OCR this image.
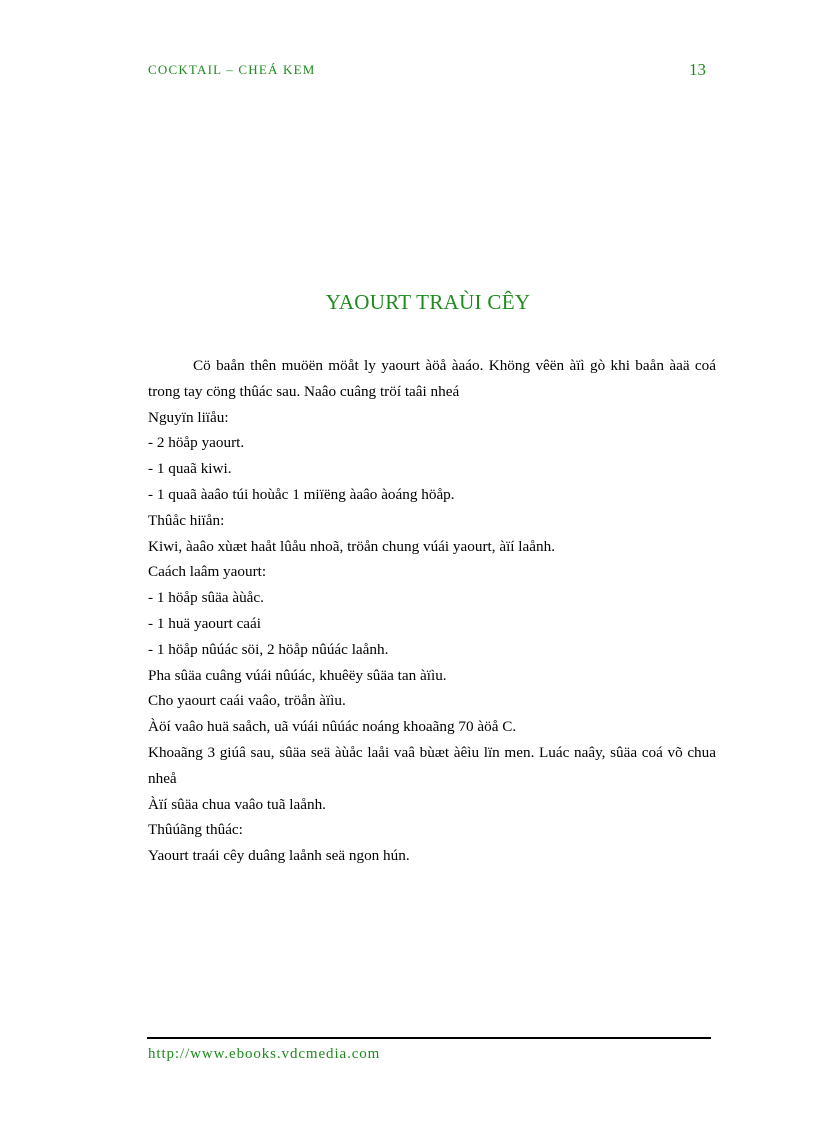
COCKTAIL – CHEÁ KEM	13
YAOURT TRAÙI CÊY

Cö baån thên muöën möåt ly yaourt àöå àaáo. Khöng vêën àïì gò khi baån àaä coá trong tay cöng thûác sau. Naâo cuâng tröí taâi nheá

Nguyïn liïåu:

- 2 höåp yaourt.

- 1 quaã kiwi.

- 1 quaã àaâo túi hoùåc 1 miïëng àaâo àoáng höåp.

Thûåc hiïån:

Kiwi, àaâo xùæt haåt lûåu nhoã, tröån chung vúái yaourt, àïí laånh.

Caách laâm yaourt:

- 1 höåp sûäa àùåc.

- 1 huä yaourt caái

- 1 höåp nûúác söi, 2 höåp nûúác laånh.

Pha sûäa cuâng vúái nûúác, khuêëy sûäa tan àïìu.

Cho yaourt caái vaâo, tröån àïìu.

Àöí vaâo huä saåch, uã vúái nûúác noáng khoaãng 70 àöå C.

Khoaãng 3 giúâ sau, sûäa seä àùåc laåi vaâ bùæt àêìu lïn men. Luác naây, sûäa coá võ chua nheå

Àïí sûäa chua vaâo tuã laånh.

Thûúãng thûác:

Yaourt traái cêy duâng laånh seä ngon hún.

http://www.ebooks.vdcmedia.com
